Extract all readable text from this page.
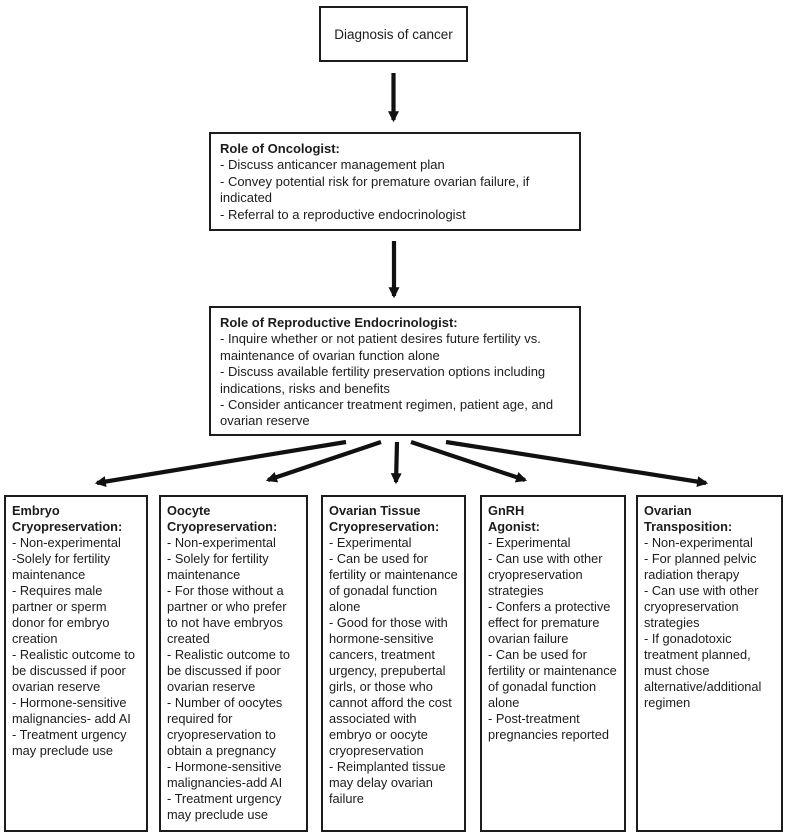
Diagnosis of cancer
Role of Oncologist:
- Discuss anticancer management plan
- Convey potential risk for premature ovarian failure, if indicated
- Referral to a reproductive endocrinologist
Role of Reproductive Endocrinologist:
- Inquire whether or not patient desires future fertility vs. maintenance of ovarian function alone
- Discuss available fertility preservation options including indications, risks and benefits
- Consider anticancer treatment regimen, patient age, and ovarian reserve
Embryo
Cryopreservation:
- Non-experimental
-Solely for fertility maintenance
- Requires male partner or sperm donor for embryo creation
- Realistic outcome to be discussed if poor ovarian reserve
- Hormone-sensitive malignancies- add AI
- Treatment urgency may preclude use
Oocyte
Cryopreservation:
- Non-experimental
- Solely for fertility maintenance
- For those without a partner or who prefer to not have embryos created
- Realistic outcome to be discussed if poor ovarian reserve
- Number of oocytes required for cryopreservation to obtain a pregnancy
- Hormone-sensitive malignancies-add AI
- Treatment urgency may preclude use
Ovarian Tissue
Cryopreservation:
- Experimental
- Can be used for fertility or maintenance of gonadal function alone
- Good for those with hormone-sensitive cancers, treatment urgency, prepubertal girls, or those who cannot afford the cost associated with embryo or oocyte cryopreservation
- Reimplanted tissue may delay ovarian failure
GnRH
Agonist:
- Experimental
- Can use with other cryopreservation strategies
- Confers a protective effect for premature ovarian failure
- Can be used for fertility or maintenance of gonadal function alone
- Post-treatment pregnancies reported
Ovarian
Transposition:
- Non-experimental
- For planned pelvic radiation therapy
- Can use with other cryopreservation strategies
- If gonadotoxic treatment planned, must chose alternative/additional regimen
